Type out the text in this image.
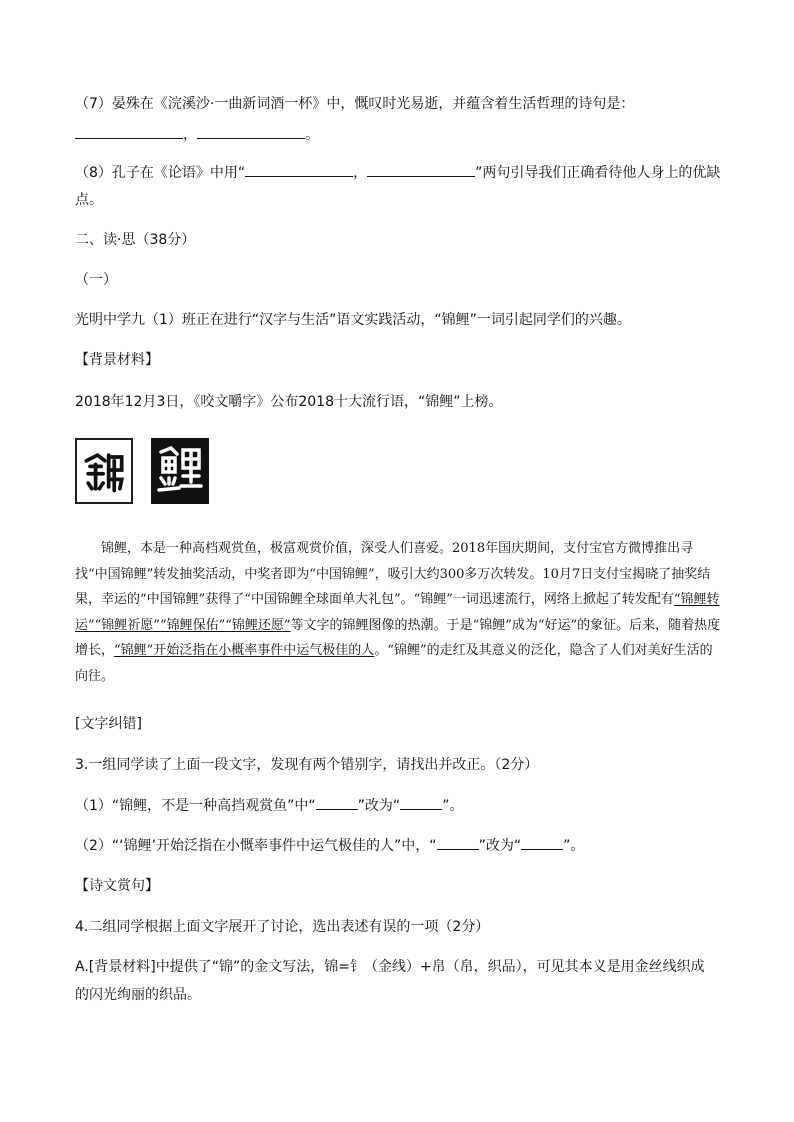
（7）晏殊在《浣溪沙·一曲新词酒一杯》中，慨叹时光易逝，并蕴含着生活哲理的诗句是：
，	。
（8）孔子在《论语》中用“	，	”两句引导我们正确看待他人身上的优缺
点。
二、读·思（38分）
（一）
光明中学九（1）班正在进行“汉字与生活”语文实践活动，“锦鲤”一词引起同学们的兴趣。
【背景材料】
2018年12月3日，《咬文嚼字》公布2018十大流行语，“锦鲤”上榜。
锦鲤，本是一种高档观赏鱼，极富观赏价值，深受人们喜爱。2018年国庆期间，支付宝官方微博推出寻找“中国锦鲤”转发抽奖活动，中奖者即为“中国锦鲤”，吸引大约300多万次转发。10月7日支付宝揭晓了抽奖结果，幸运的“中国锦鲤”获得了“中国锦鲤全球面单大礼包”。“锦鲤”一词迅速流行，网络上掀起了转发配有“锦鲤转运”“锦鲤祈愿”“锦鲤保佑”“锦鲤还愿”等文字的锦鲤图像的热潮。于是“锦鲤”成为“好运”的象征。后来，随着热度增长，“锦鲤”开始泛指在小概率事件中运气极佳的人。“锦鲤”的走红及其意义的泛化，隐含了人们对美好生活的向往。
[文字纠错]
3.一组同学读了上面一段文字，发现有两个错别字，请找出并改正。（2分）
（1）“锦鲤，不是一种高挡观赏鱼”中“	”改为“	”。
（2）“‘锦鲤’开始泛指在小慨率事件中运气极佳的人”中，“	”改为“	”。
【诗文赏句】
4.二组同学根据上面文字展开了讨论，选出表述有误的一项（2分）
A.[背景材料]中提供了“锦”的金文写法，锦=钅（金线）+帛（帛，织品），可见其本义是用金丝线织成
的闪光绚丽的织品。
